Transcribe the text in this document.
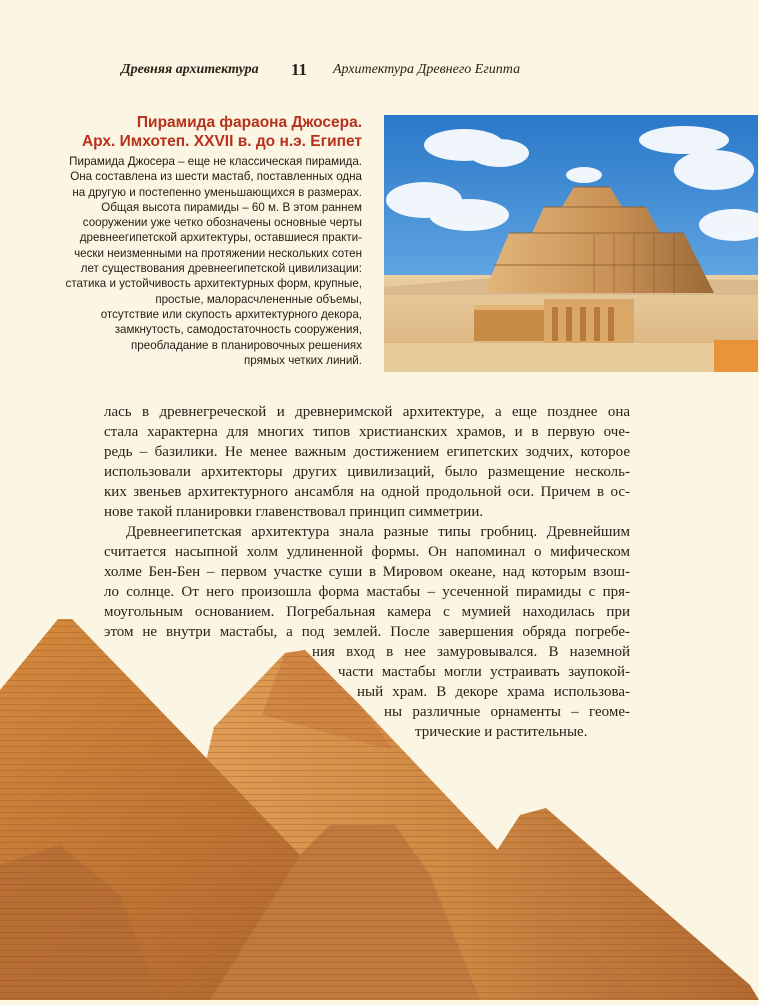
Древняя архитектура 11 Архитектура Древнего Египта
Пирамида фараона Джосера.
Арх. Имхотеп. XXVII в. до н.э. Египет
Пирамида Джосера – еще не классическая пирамида.
Она составлена из шести мастаб, поставленных одна
на другую и постепенно уменьшающихся в размерах.
Общая высота пирамиды – 60 м. В этом раннем
сооружении уже четко обозначены основные черты
древнеегипетской архитектуры, оставшиеся практи-
чески неизменными на протяжении нескольких сотен
лет существования древнеегипетской цивилизации:
статика и устойчивость архитектурных форм, крупные,
простые, малорасчлененные объемы,
отсутствие или скупость архитектурного декора,
замкнутость, самодостаточность сооружения,
преобладание в планировочных решениях
прямых четких линий.
лась в древнегреческой и древнеримской архитектуре, а еще позднее она
стала характерна для многих типов христианских храмов, и в первую оче-
редь – базилики. Не менее важным достижением египетских зодчих, которое
использовали архитекторы других цивилизаций, было размещение несколь-
ких звеньев архитектурного ансамбля на одной продольной оси. Причем в ос-
нове такой планировки главенствовал принцип симметрии.
Древнеегипетская архитектура знала разные типы гробниц. Древнейшим
считается насыпной холм удлиненной формы. Он напоминал о мифическом
холме Бен-Бен – первом участке суши в Мировом океане, над которым взош-
ло солнце. От него произошла форма мастабы – усеченной пирамиды с пря-
моугольным основанием. Погребальная камера с мумией находилась при
этом не внутри мастабы, а под землей. После завершения обряда погребе-
ния вход в нее замуровывался. В наземной
части мастабы могли устраивать заупокой-
ный храм. В декоре храма использова-
ны различные орнаменты – геоме-
трические и растительные.
